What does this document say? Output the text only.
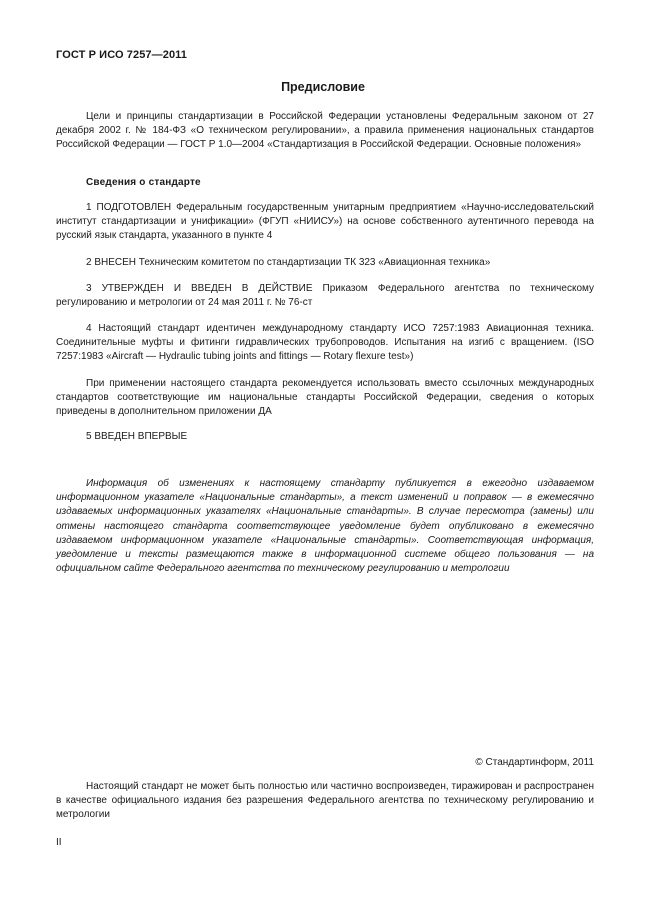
ГОСТ Р ИСО 7257—2011
Предисловие
Цели и принципы стандартизации в Российской Федерации установлены Федеральным законом от 27 декабря 2002 г. № 184-ФЗ «О техническом регулировании», а правила применения национальных стандартов Российской Федерации — ГОСТ Р 1.0—2004 «Стандартизация в Российской Федерации. Основные положения»
Сведения о стандарте
1 ПОДГОТОВЛЕН Федеральным государственным унитарным предприятием «Научно-исследовательский институт стандартизации и унификации» (ФГУП «НИИСУ») на основе собственного аутентичного перевода на русский язык стандарта, указанного в пункте 4
2 ВНЕСЕН Техническим комитетом по стандартизации ТК 323 «Авиационная техника»
3 УТВЕРЖДЕН И ВВЕДЕН В ДЕЙСТВИЕ Приказом Федерального агентства по техническому регулированию и метрологии от 24 мая 2011 г. № 76-ст
4 Настоящий стандарт идентичен международному стандарту ИСО 7257:1983 Авиационная техника. Соединительные муфты и фитинги гидравлических трубопроводов. Испытания на изгиб с вращением. (ISO 7257:1983 «Aircraft — Hydraulic tubing joints and fittings — Rotary flexure test»)
При применении настоящего стандарта рекомендуется использовать вместо ссылочных международных стандартов соответствующие им национальные стандарты Российской Федерации, сведения о которых приведены в дополнительном приложении ДА
5 ВВЕДЕН ВПЕРВЫЕ
Информация об изменениях к настоящему стандарту публикуется в ежегодно издаваемом информационном указателе «Национальные стандарты», а текст изменений и поправок — в ежемесячно издаваемых информационных указателях «Национальные стандарты». В случае пересмотра (замены) или отмены настоящего стандарта соответствующее уведомление будет опубликовано в ежемесячно издаваемом информационном указателе «Национальные стандарты». Соответствующая информация, уведомление и тексты размещаются также в информационной системе общего пользования — на официальном сайте Федерального агентства по техническому регулированию и метрологии
© Стандартинформ, 2011
Настоящий стандарт не может быть полностью или частично воспроизведен, тиражирован и распространен в качестве официального издания без разрешения Федерального агентства по техническому регулированию и метрологии
II
